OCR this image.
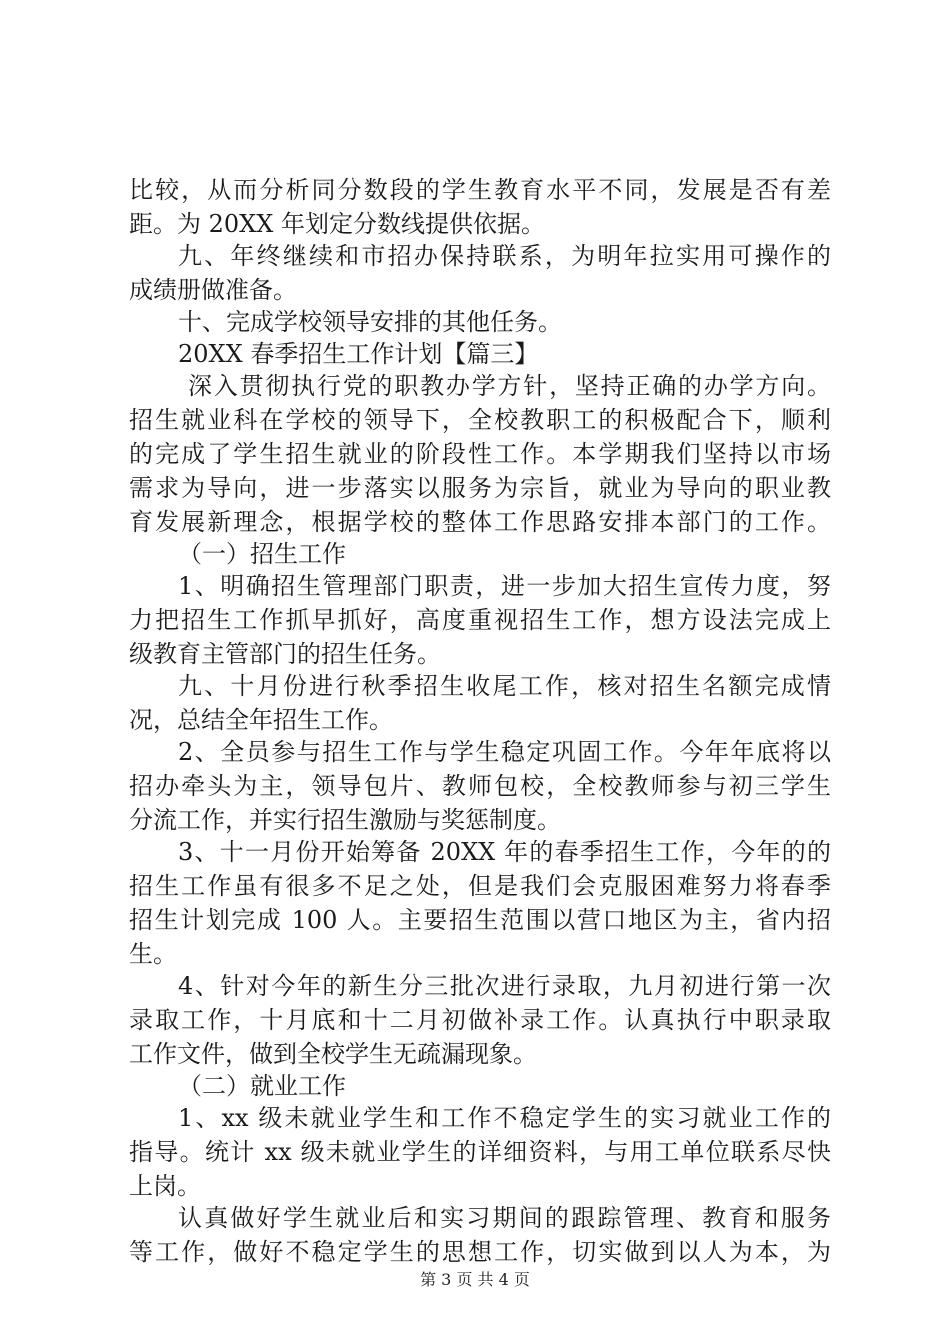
比较，从而分析同分数段的学生教育水平不同，发展是否有差
距。为 20XX 年划定分数线提供依据。
九、年终继续和市招办保持联系，为明年拉实用可操作的
成绩册做准备。
十、完成学校领导安排的其他任务。
20XX 春季招生工作计划【篇三】
深入贯彻执行党的职教办学方针，坚持正确的办学方向。
招生就业科在学校的领导下，全校教职工的积极配合下，顺利
的完成了学生招生就业的阶段性工作。本学期我们坚持以市场
需求为导向，进一步落实以服务为宗旨，就业为导向的职业教
育发展新理念，根据学校的整体工作思路安排本部门的工作。
（一）招生工作
1、明确招生管理部门职责，进一步加大招生宣传力度，努
力把招生工作抓早抓好，高度重视招生工作，想方设法完成上
级教育主管部门的招生任务。
九、十月份进行秋季招生收尾工作，核对招生名额完成情
况，总结全年招生工作。
2、全员参与招生工作与学生稳定巩固工作。今年年底将以
招办牵头为主，领导包片、教师包校，全校教师参与初三学生
分流工作，并实行招生激励与奖惩制度。
3、十一月份开始筹备 20XX 年的春季招生工作，今年的的
招生工作虽有很多不足之处，但是我们会克服困难努力将春季
招生计划完成 100 人。主要招生范围以营口地区为主，省内招
生。
4、针对今年的新生分三批次进行录取，九月初进行第一次
录取工作，十月底和十二月初做补录工作。认真执行中职录取
工作文件，做到全校学生无疏漏现象。
（二）就业工作
1、xx 级未就业学生和工作不稳定学生的实习就业工作的
指导。统计 xx 级未就业学生的详细资料，与用工单位联系尽快
上岗。
认真做好学生就业后和实习期间的跟踪管理、教育和服务
等工作，做好不稳定学生的思想工作，切实做到以人为本，为
第 3 页 共 4 页
